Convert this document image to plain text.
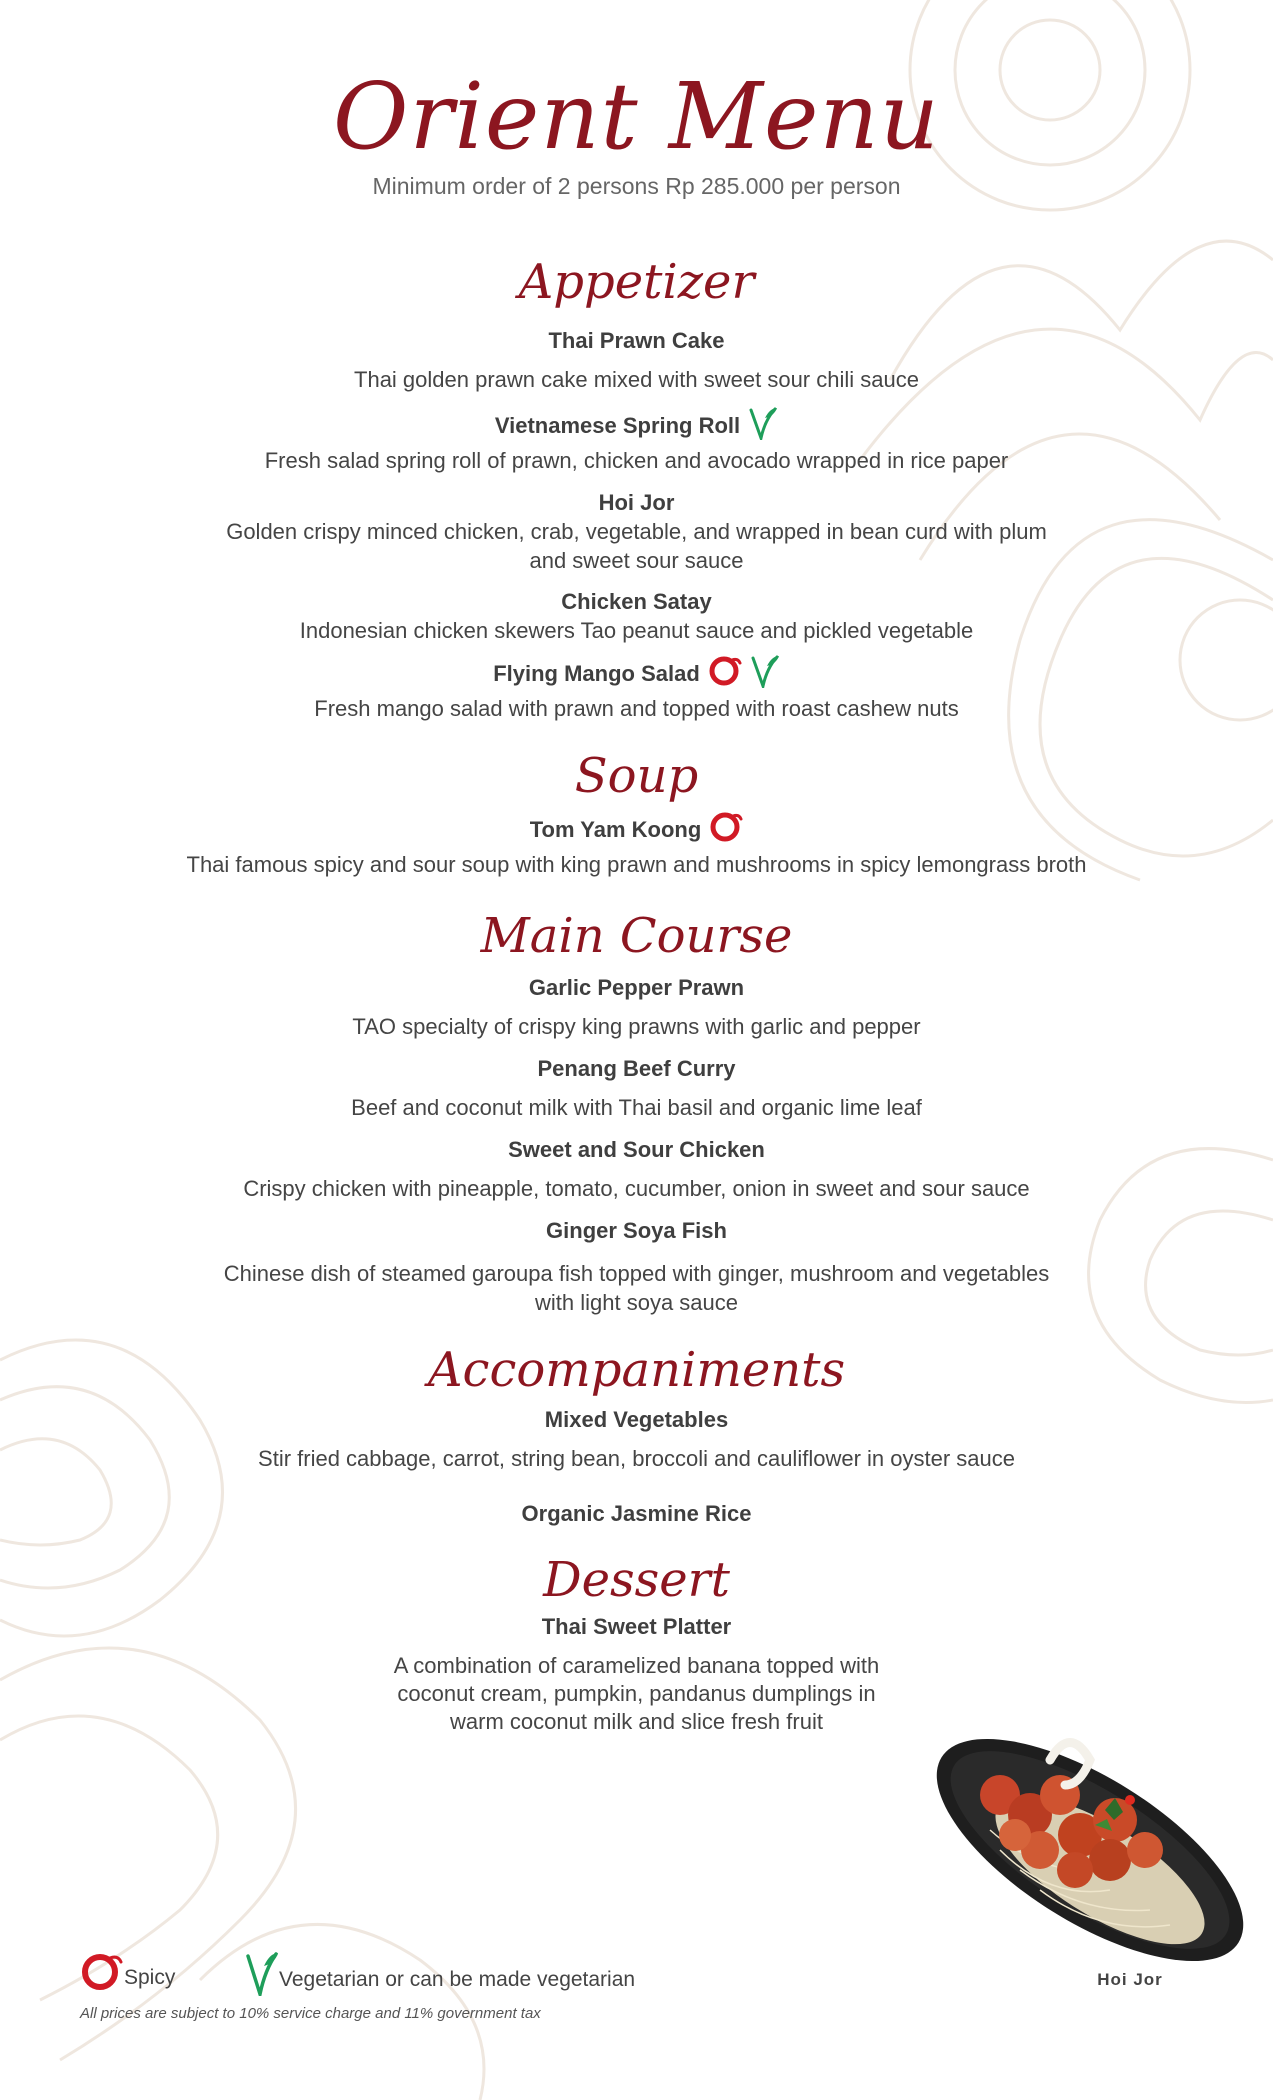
Orient Menu
Minimum order of 2 persons Rp 285.000 per person
Appetizer
Thai Prawn Cake
Thai golden prawn cake mixed with sweet sour chili sauce
Vietnamese Spring Roll
Fresh salad spring roll of prawn, chicken and avocado wrapped in rice paper
Hoi Jor
Golden crispy minced chicken, crab, vegetable, and wrapped in bean curd with plum
and sweet sour sauce
Chicken Satay
Indonesian chicken skewers Tao peanut sauce and pickled vegetable
Flying Mango Salad
Fresh mango salad with prawn and topped with roast cashew nuts
Soup
Tom Yam Koong
Thai famous spicy and sour soup with king prawn and mushrooms in spicy lemongrass broth
Main Course
Garlic Pepper Prawn
TAO specialty of crispy king prawns with garlic and pepper
Penang Beef Curry
Beef and coconut milk with Thai basil and organic lime leaf
Sweet and Sour Chicken
Crispy chicken with pineapple, tomato, cucumber, onion in sweet and sour sauce
Ginger Soya Fish
Chinese dish of steamed garoupa fish topped with ginger, mushroom and vegetables
with light soya sauce
Accompaniments
Mixed Vegetables
Stir fried cabbage, carrot, string bean, broccoli and cauliflower in oyster sauce
Organic Jasmine Rice
Dessert
Thai Sweet Platter
A combination of caramelized banana topped with
coconut cream, pumpkin, pandanus dumplings in
warm coconut milk and slice fresh fruit
Hoi Jor
Spicy	Vegetarian or can be made vegetarian
All prices are subject to 10% service charge and 11% government tax
